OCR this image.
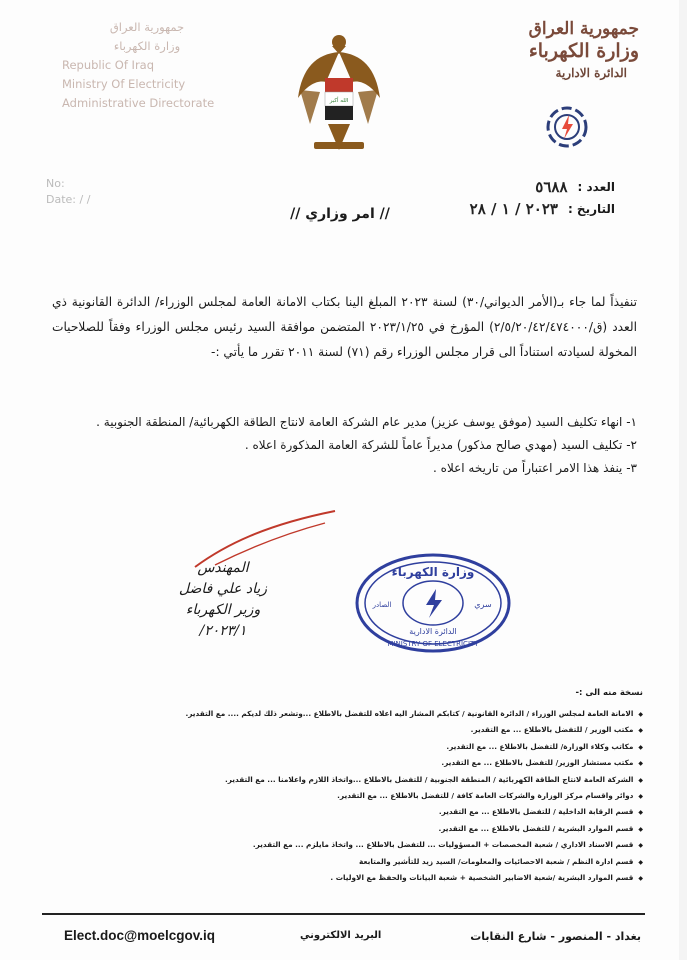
جمهورية العراق
وزارة الكهرباء
الدائرة الادارية
جمهورية العراق
وزارة الكهرباء
Republic Of Iraq
Ministry Of Electricity
Administrative Directorate	الله أكبر
العدد :
٥٦٨٨
التاريخ :
٢٠٢٣ / ١ / ٢٨
No:
Date: / /
// امر وزاري //
تنفيذاً لما جاء بـ(الأمر الديواني/٣٠) لسنة ٢٠٢٣ المبلغ الينا بكتاب الامانة العامة لمجلس الوزراء/ الدائرة القانونية ذي العدد (ق/٢/٥/٢٠/٤٢/٤٧٤٠٠٠) المؤرخ في ٢٠٢٣/١/٢٥ المتضمن موافقة السيد رئيس مجلس الوزراء وفقاً للصلاحيات المخولة لسيادته استناداً الى قرار مجلس الوزراء رقم (٧١) لسنة ٢٠١١ تقرر ما يأتي :-
١- انهاء تكليف السيد (موفق يوسف عزيز) مدير عام الشركة العامة لانتاج الطاقة الكهربائية/ المنطقة الجنوبية .
٢- تكليف السيد (مهدي صالح مذكور) مديراً عاماً للشركة العامة المذكورة اعلاه .
٣- ينفذ هذا الامر اعتباراً من تاريخه اعلاه .
المهندس
زياد علي فاضل
وزير الكهرباء
٢٠٢٣/١/
وزارة الكهرباء
الدائرة الادارية
MINISTRY OF ELECTRICITY
الصادر	سري
نسخة منه الى :-
◆ الامانة العامة لمجلس الوزراء / الدائرة القانونية / كتابكم المشار اليه اعلاه للتفضل بالاطلاع ...وتشعر ذلك لديكم .... مع التقدير.
◆ مكتب الوزير / للتفضل بالاطلاع ... مع التقدير.
◆ مكاتب وكلاء الوزارة/ للتفضل بالاطلاع ... مع التقدير.
◆ مكتب مستشار الوزير/ للتفضل بالاطلاع ... مع التقدير.
◆ الشركة العامة لانتاج الطاقة الكهربائية / المنطقة الجنوبية / للتفضل بالاطلاع ...واتخاذ اللازم واعلامنا ... مع التقدير.
◆ دوائر واقسام مركز الوزارة والشركات العامة كافة / للتفضل بالاطلاع ... مع التقدير.
◆ قسم الرقابة الداخلية / للتفضل بالاطلاع ... مع التقدير.
◆ قسم الموارد البشرية / للتفضل بالاطلاع ... مع التقدير.
◆ قسم الاسناد الاداري / شعبة المخصصات + المسؤوليات ... للتفضل بالاطلاع ... واتخاذ مايلزم ... مع التقدير.
◆ قسم ادارة النظم / شعبة الاحصائيات والمعلومات/ السيد زيد للتأشير والمتابعة
◆ قسم الموارد البشرية /شعبة الاضابير الشخصية + شعبة البيانات والحفظ مع الاوليات .
بغداد - المنصور - شارع النقابات
البريد الالكتروني
Elect.doc@moelcgov.iq
